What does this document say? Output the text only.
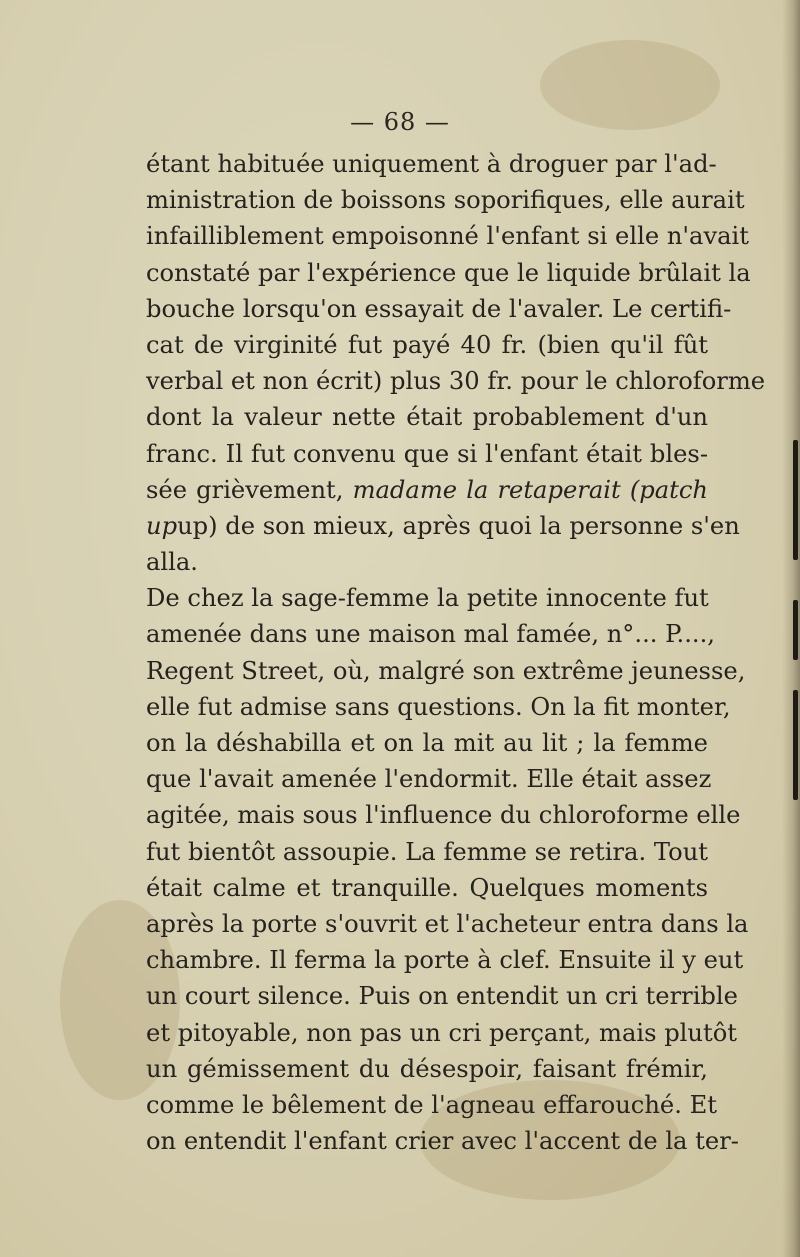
— 68 —
étant habituée uniquement à droguer par l'ad-
ministration de boissons soporifiques, elle aurait
infailliblement empoisonné l'enfant si elle n'avait
constaté par l'expérience que le liquide brûlait la
bouche lorsqu'on essayait de l'avaler. Le certifi-
cat de virginité fut payé 40 fr. (bien qu'il fût
verbal et non écrit) plus 30 fr. pour le chloroforme
dont la valeur nette était probablement d'un
franc. Il fut convenu que si l'enfant était bles-
sée grièvement, madame la retaperait (patch
upup) de son mieux, après quoi la personne s'en
alla.
De chez la sage-femme la petite innocente fut
amenée dans une maison mal famée, n°... P....,
Regent Street, où, malgré son extrême jeunesse,
elle fut admise sans questions. On la fit monter,
on la déshabilla et on la mit au lit ; la femme
que l'avait amenée l'endormit. Elle était assez
agitée, mais sous l'influence du chloroforme elle
fut bientôt assoupie. La femme se retira. Tout
était calme et tranquille. Quelques moments
après la porte s'ouvrit et l'acheteur entra dans la
chambre. Il ferma la porte à clef. Ensuite il y eut
un court silence. Puis on entendit un cri terrible
et pitoyable, non pas un cri perçant, mais plutôt
un gémissement du désespoir, faisant frémir,
comme le bêlement de l'agneau effarouché. Et
on entendit l'enfant crier avec l'accent de la ter-
